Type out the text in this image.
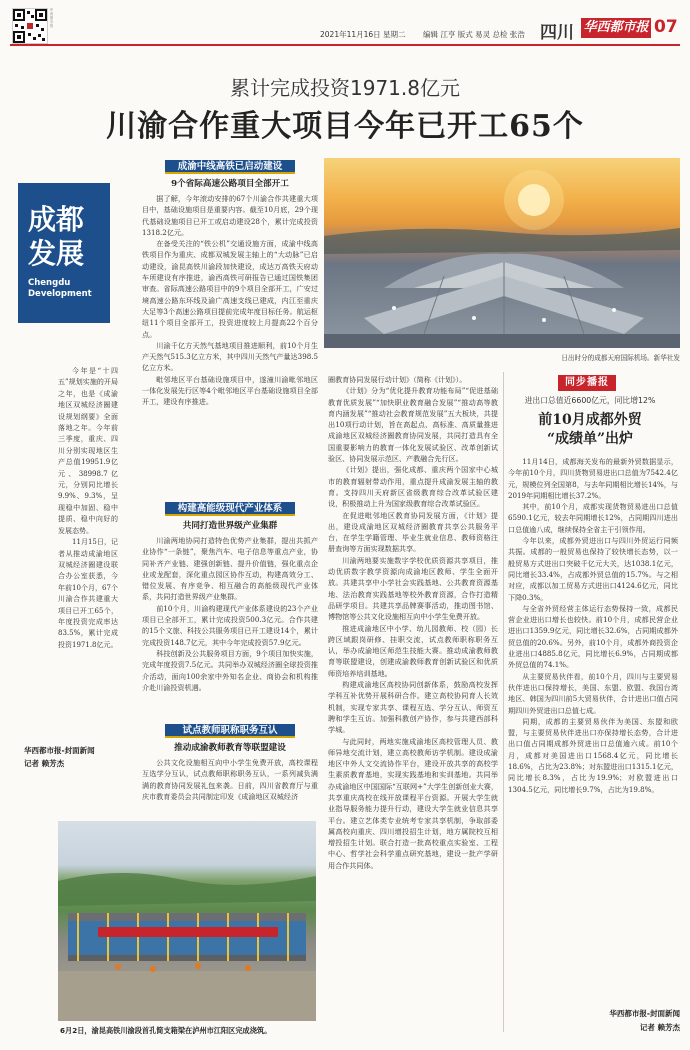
华西都市报
2021年11月16日 星期二 编辑 江亨 版式 易灵 总检 张浩 四川 华西都市报 07
累计完成投资1971.8亿元
川渝合作重大项目今年已开工65个
成都发展
Chengdu Development

今年是“十四五”规划实施的开局之年，也是《成渝地区双城经济圈建设规划纲要》全面落地之年。今年前三季度，重庆、四川分别实现地区生产总值19951.9亿元、38998.7亿元，分别同比增长9.9%、9.3%，呈现稳中加固、稳中提质、稳中向好的发展态势。

11月15日，记者从推动成渝地区双城经济圈建设联合办公室获悉，今年前10个月，67个川渝合作共建重大项目已开工65个，年度投资完成率达83.5%，累计完成投资1971.8亿元。

华西都市报-封面新闻
记者 赖芳杰
成渝中线高铁已启动建设
9个省际高速公路项目全部开工

据了解，今年滚动安排的67个川渝合作共建重大项目中，基础设施项目是重要内容。截至10月底，29个现代基础设施项目已开工或启动建设28个，累计完成投资1318.2亿元。

在备受关注的“铁公机”交通设施方面，成渝中线高铁项目作为重庆、成都双城发展主轴上的“大动脉”已启动建设，渝昆高铁川渝段加快建设，成达万高铁天府动车所建设有序推进，渝西高铁可研报告已通过国铁集团审查。省际高速公路项目中的9个项目全部开工，广安过境高速公路东环线及渝广高速支线已建成，内江至重庆大足等3个高速公路项目提前完成年度目标任务。航运枢纽11个项目全部开工，投资进度较上月提高22个百分点。

川渝千亿方天然气基地项目推进顺利，前10个月生产天然气515.3亿立方米，其中四川天然气产量达398.5亿立方米。

毗邻地区平台基础设施项目中，遂潼川渝毗邻地区一体化发展先行区等4个毗邻地区平台基础设施项目全部开工，建设有序推进。

构建高能级现代产业体系
共同打造世界级产业集群

川渝两地协同打造特色优势产业集群，提出共抓产业协作“一条链”，聚焦汽车、电子信息等重点产业，协同补齐产业链、建强创新链、提升价值链，强化重点企业或龙配套，深化重点园区协作互动，构建高效分工、错位发展、有序竞争、相互融合的高能级现代产业体系，共同打造世界级产业集群。

前10个月，川渝构建现代产业体系建设的23个产业项目已全部开工，累计完成投资500.3亿元。合作共建的15个文旅、科技公共服务项目已开工建设14个，累计完成投资148.7亿元，其中今年完成投资57.9亿元。

科技创新及公共服务项目方面，9个项目加快实施，完成年度投资7.5亿元。共同举办双城经济圈全球投资推介活动，面向100余家中外知名企业、商协会和机构推介赴川渝投资机遇。

试点教师职称职务互认
推动成渝教师教育等联盟建设

公共文化设施相互向中小学生免费开放，高校课程互选学分互认，试点教师职称职务互认，一系列减负满满的教育协同发展礼包来袭。日前，四川省教育厅与重庆市教育委员会共同制定印发《成渝地区双城经济

6月2日，渝昆高铁川渝段首孔简支箱梁在泸州市江阳区完成浇筑。
日出时分的成都天府国际机场。新华社发

圈教育协同发展行动计划》（简称《计划》）。

《计划》分为“优化提升教育功能布局”“促进基础教育优质发展”“加快职业教育融合发展”“推动高等教育内涵发展”“推动社会教育规范发展”五大板块，共提出10项行动计划，旨在高起点、高标准、高质量推进成渝地区双城经济圈教育协同发展，共同打造具有全国重要影响力的教育一体化发展试验区、改革创新试验区、协同发展示范区、产教融合先行区。

《计划》提出，强化成都、重庆两个国家中心城市的教育辐射带动作用，重点提升成渝发展主轴的教育。支持四川天府新区省级教育综合改革试验区建设，积极推动上升为国家级教育综合改革试验区。

在促进毗邻地区教育协同发展方面，《计划》提出，建设成渝地区双城经济圈教育共享公共服务平台，在学生学籍管理、毕业生就业信息、教师资格注册查询等方面实现数据共享。

川渝两地要实施数字学校优质资源共享项目，推动优质数字教学资源向成渝地区教师、学生全面开放。共建共享中小学社会实践基地、公共教育资源基地、法治教育实践基地等校外教育资源，合作打造精品研学项目。共建共享品牌赛事活动，推动图书馆、博物馆等公共文化设施相互向中小学生免费开放。

推进成渝地区中小学、幼儿园教师、校（园）长跨区域跟岗研修、挂职交流，试点教师职称职务互认，举办成渝地区师范生技能大赛。推动成渝教师教育等联盟建设，创建成渝教师教育创新试验区和优质师资培养培训基地。

构建成渝地区高校协同创新体系，鼓励高校发挥学科互补优势开展科研合作。建立高校协同育人长效机制，实现专家共享、课程互选、学分互认、师资互聘和学生互访。加强科教创产协作，参与共建西部科学城。

与此同时，两地实施成渝地区高校管理人员、教师异地交流计划，建立高校教师访学机制。建设成渝地区中外人文交流协作平台，建设开放共享的高校学生素质教育基地，实现实践基地和实训基地。共同举办成渝地区中国国际“互联网+”大学生创新创业大赛，共享重庆高校在线开放课程平台资源。开展大学生就业指导服务能力提升行动，建设大学生就业信息共享平台。建立艺体类专业统考专家共享机制，争取部委属高校向重庆、四川增投招生计划，地方属院校互相增投招生计划。联合打造一批高校重点实验室、工程中心、哲学社会科学重点研究基地，建设一批产学研用合作共同体。

同步播报
进出口总值近6600亿元，同比增12%
前10月成都外贸
“成绩单”出炉

11月14日，成都海关发布的最新外贸数据显示，今年前10个月，四川货物贸易进出口总值为7542.4亿元，规模位列全国第8，与去年同期相比增长14%，与2019年同期相比增长37.2%。

其中，前10个月，成都实现货物贸易进出口总值6590.1亿元，较去年同期增长12%，占同期四川进出口总值逾八成，继续保持全省主干引领作用。

今年以来，成都外贸进出口与四川外贸运行同频共振。成都的一般贸易也保持了较快增长态势，以一般贸易方式进出口突破千亿元大关，达1038.1亿元，同比增长33.4%，占成都外贸总值的15.7%。与之相对应，成都以加工贸易方式进出口4124.6亿元，同比下降0.3%。

与全省外贸经营主体运行态势保持一致，成都民营企业进出口增长也较快。前10个月，成都民营企业进出口1359.9亿元，同比增长32.6%，占同期成都外贸总值的20.6%。另外，前10个月，成都外商投资企业进出口4885.8亿元，同比增长6.9%，占同期成都外贸总值的74.1%。

从主要贸易伙伴看，前10个月，四川与主要贸易伙伴进出口保持增长，美国、东盟、欧盟、我国台湾地区、韩国为四川前5大贸易伙伴，合计进出口值占同期四川外贸进出口总值七成。

同期，成都的主要贸易伙伴为美国、东盟和欧盟，与主要贸易伙伴进出口亦保持增长态势，合计进出口值占同期成都外贸进出口总值逾六成。前10个月，成都对美国进出口1568.4亿元，同比增长18.6%，占比为23.8%；对东盟进出口1315.1亿元，同比增长8.3%，占比为19.9%；对欧盟进出口1304.5亿元，同比增长9.7%，占比为19.8%。

华西都市报-封面新闻
记者 赖芳杰
